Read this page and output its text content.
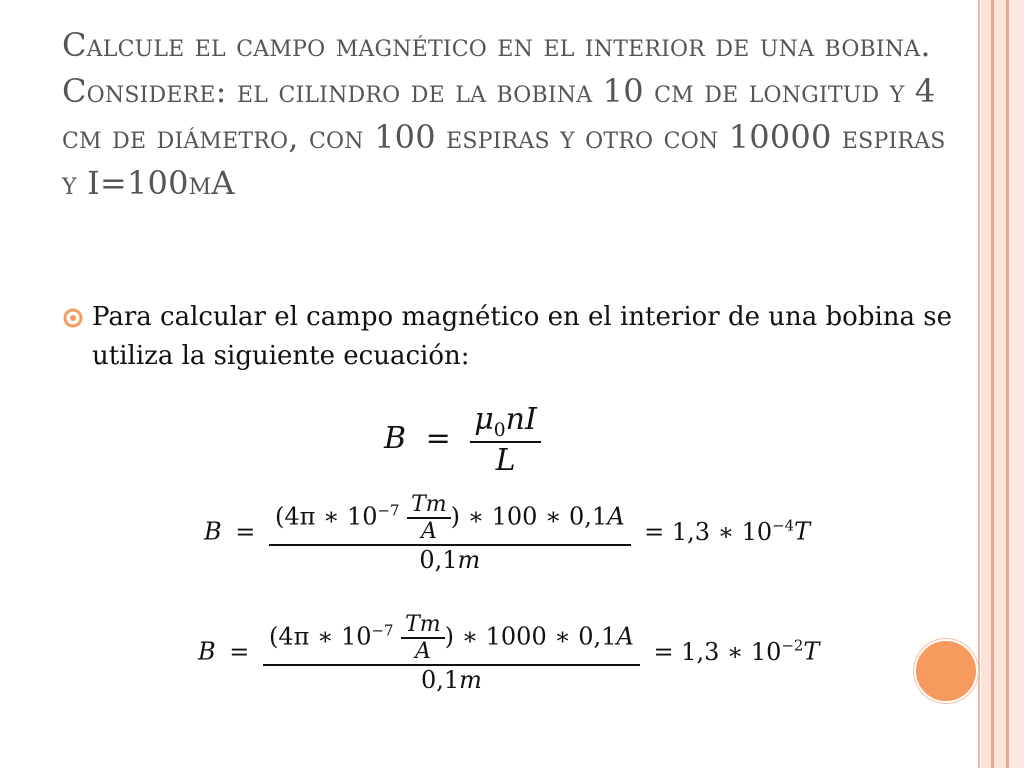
Calcule el campo magnético en el interior de una bobina. Considere: el cilindro de la bobina 10 cm de longitud y 4 cm de diámetro, con 100 espiras y otro con 10000 espiras y I=100mA
Para calcular el campo magnético en el interior de una bobina se utiliza la siguiente ecuación:
$B = \frac{\mu_0nI}{L}$
B =
(4π ∗ $10^{-7} \frac{Tm}{A}$ ) ∗ 100 ∗ 0,1A
0,1m
= 1,3 ∗ $10^{-4}T$
B =
(4π ∗ $10^{-7} \frac{Tm}{A}$ ) ∗ 1000 ∗ 0,1A
0,1m
= 1,3 ∗ $10^{-2}T$
